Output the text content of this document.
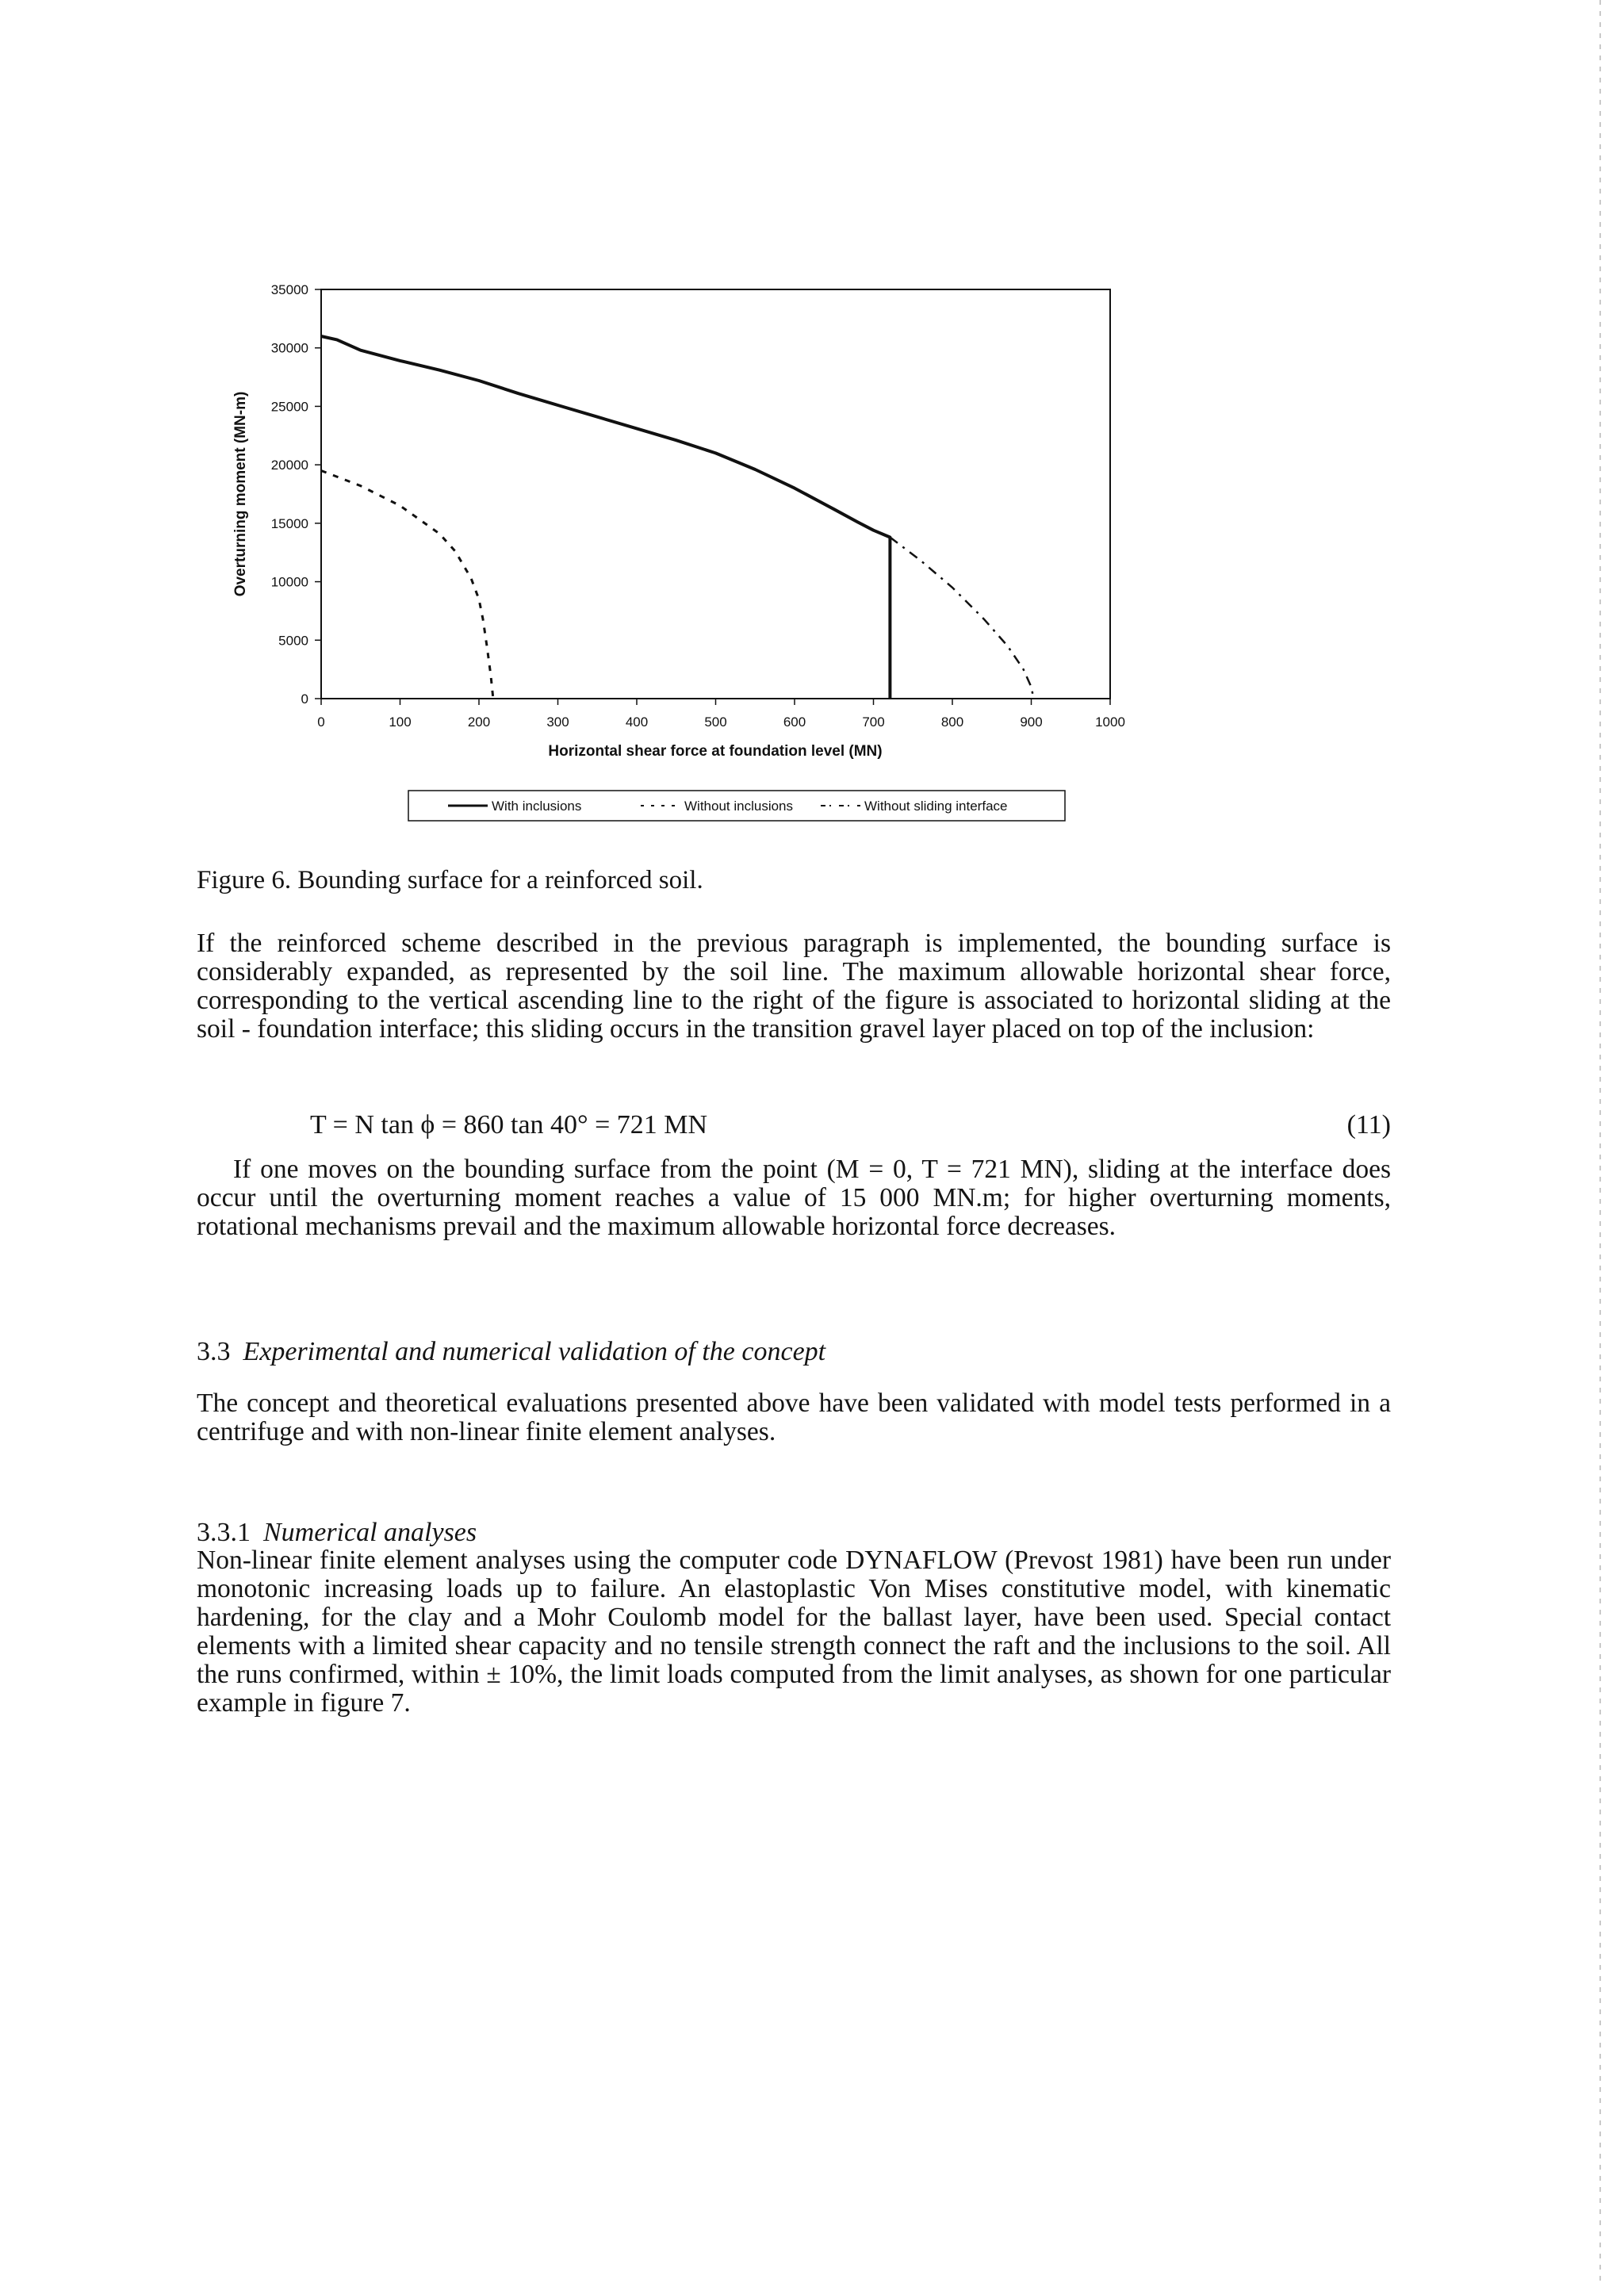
0
5000
10000
15000
20000
25000
30000
35000
0	100	200	300	400	500	600	700	800	900	1000
Horizontal shear force at foundation level (MN)
Overturning moment (MN-m)
With inclusions	Without inclusions	Without sliding interface
Figure 6. Bounding surface for a reinforced soil.

If the reinforced scheme described in the previous paragraph is implemented, the bounding surface is considerably expanded, as represented by the soil line. The maximum allowable horizontal shear force, corresponding to the vertical ascending line to the right of the figure is associated to horizontal sliding at the soil - foundation interface; this sliding occurs in the transition gravel layer placed on top of the inclusion:

T = N tan ϕ = 860 tan 40° = 721 MN	(11)

If one moves on the bounding surface from the point (M = 0, T = 721 MN), sliding at the interface does occur until the overturning moment reaches a value of 15 000 MN.m; for higher overturning moments, rotational mechanisms prevail and the maximum allowable horizontal force decreases.

3.3 Experimental and numerical validation of the concept

The concept and theoretical evaluations presented above have been validated with model tests performed in a centrifuge and with non-linear finite element analyses.

3.3.1 Numerical analyses

Non-linear finite element analyses using the computer code DYNAFLOW (Prevost 1981) have been run under monotonic increasing loads up to failure. An elastoplastic Von Mises constitutive model, with kinematic hardening, for the clay and a Mohr Coulomb model for the ballast layer, have been used. Special contact elements with a limited shear capacity and no tensile strength connect the raft and the inclusions to the soil. All the runs confirmed, within ± 10%, the limit loads computed from the limit analyses, as shown for one particular example in figure 7.
